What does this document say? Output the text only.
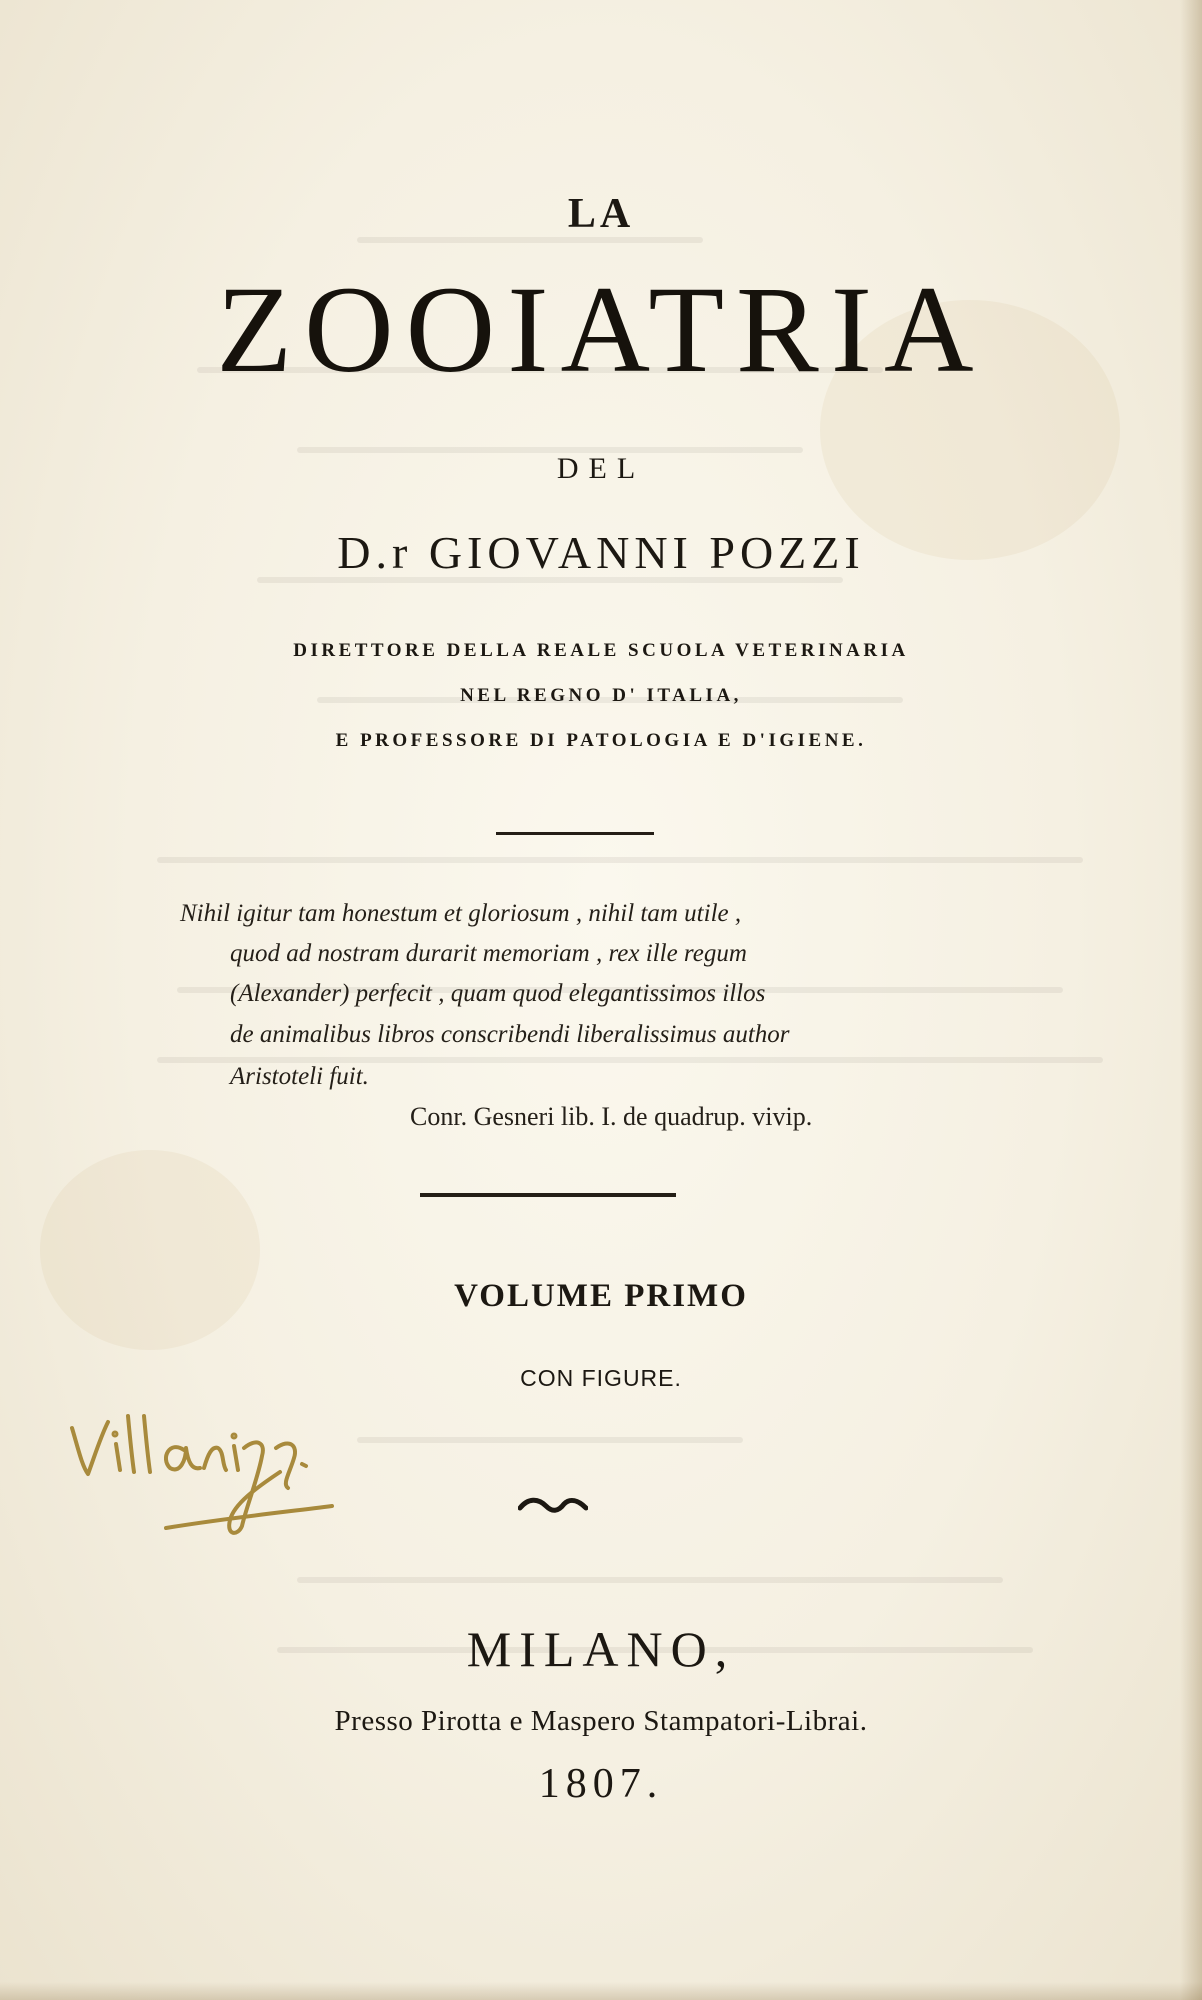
LA
ZOOIATRIA
DEL
D.r GIOVANNI POZZI
DIRETTORE DELLA REALE SCUOLA VETERINARIA
NEL REGNO D' ITALIA,
E PROFESSORE DI PATOLOGIA E D'IGIENE.
Nihil igitur tam honestum et gloriosum , nihil tam utile ,
quod ad nostram durarit memoriam , rex ille regum
(Alexander) perfecit , quam quod elegantissimos illos
de animalibus libros conscribendi liberalissimus author
Aristoteli fuit.
Conr. Gesneri lib. I. de quadrup. vivip.
VOLUME PRIMO
CON FIGURE.
MILANO,
Presso Pirotta e Maspero Stampatori-Librai.
1807.
